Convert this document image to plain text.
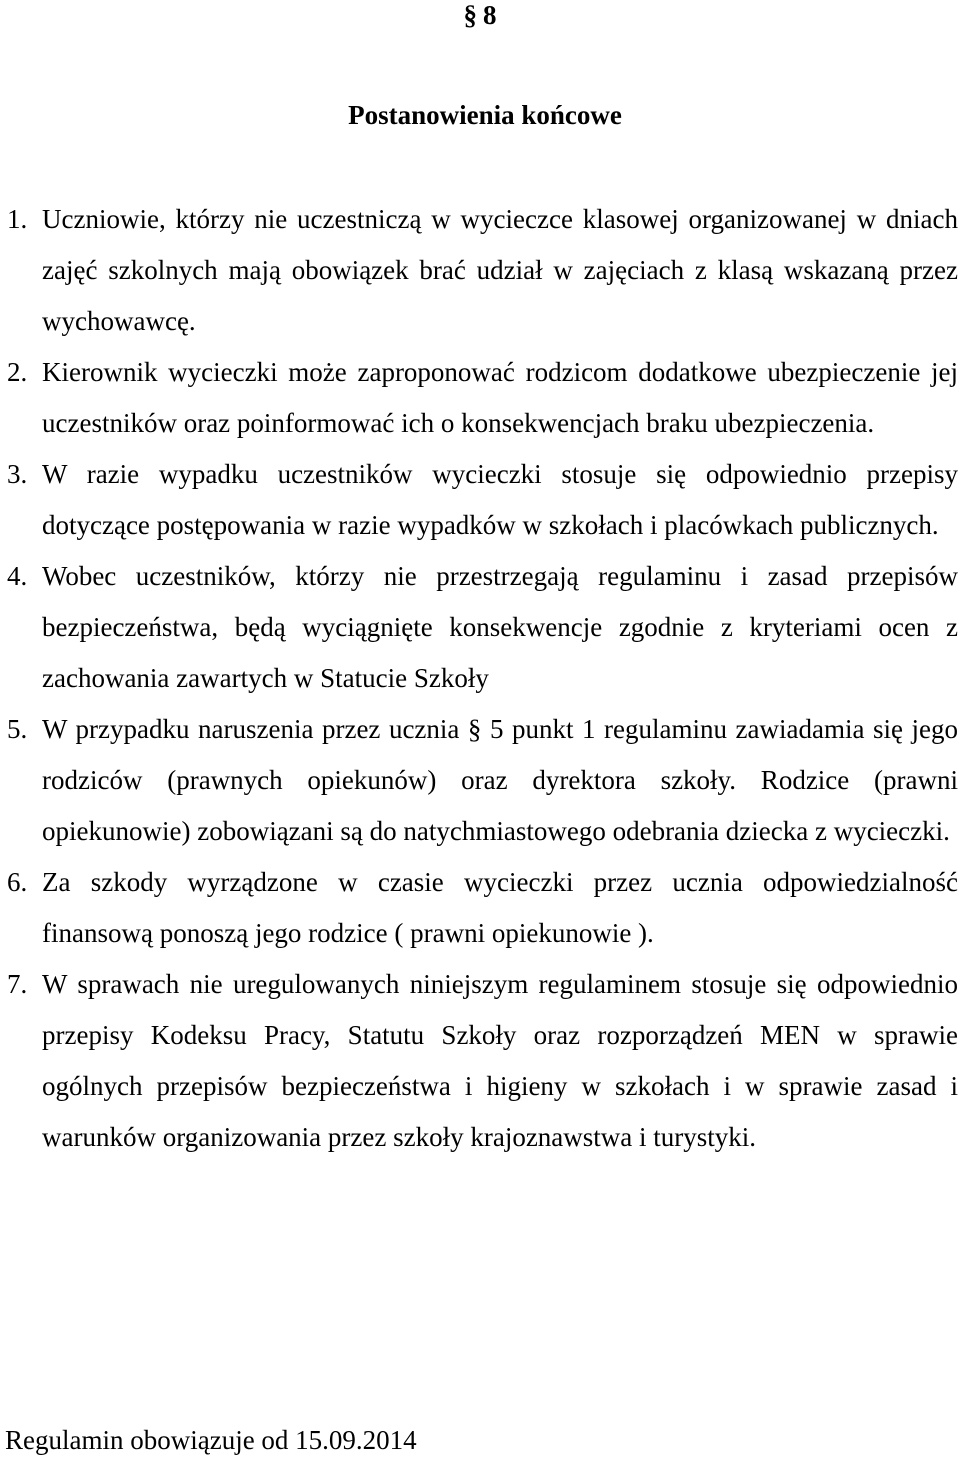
§ 8
Postanowienia końcowe
1. Uczniowie, którzy nie uczestniczą w wycieczce klasowej organizowanej w dniach zajęć szkolnych mają obowiązek brać udział w zajęciach z klasą wskazaną przez wychowawcę.
2. Kierownik wycieczki może zaproponować rodzicom dodatkowe ubezpieczenie jej uczestników oraz poinformować ich o konsekwencjach braku ubezpieczenia.
3. W razie wypadku uczestników wycieczki stosuje się odpowiednio przepisy dotyczące postępowania w razie wypadków w szkołach i placówkach publicznych.
4. Wobec uczestników, którzy nie przestrzegają regulaminu i zasad przepisów bezpieczeństwa, będą wyciągnięte konsekwencje zgodnie z kryteriami ocen z zachowania zawartych w Statucie Szkoły
5. W przypadku naruszenia przez ucznia § 5 punkt 1 regulaminu zawiadamia się jego rodziców (prawnych opiekunów) oraz dyrektora szkoły. Rodzice (prawni opiekunowie) zobowiązani są do natychmiastowego odebrania dziecka z wycieczki.
6. Za szkody wyrządzone w czasie wycieczki przez ucznia odpowiedzialność finansową ponoszą jego rodzice ( prawni opiekunowie ).
7. W sprawach nie uregulowanych niniejszym regulaminem stosuje się odpowiednio przepisy Kodeksu Pracy, Statutu Szkoły oraz rozporządzeń MEN w sprawie ogólnych przepisów bezpieczeństwa i higieny w szkołach i w sprawie zasad i warunków organizowania przez szkoły krajoznawstwa i turystyki.
Regulamin obowiązuje od 15.09.2014
